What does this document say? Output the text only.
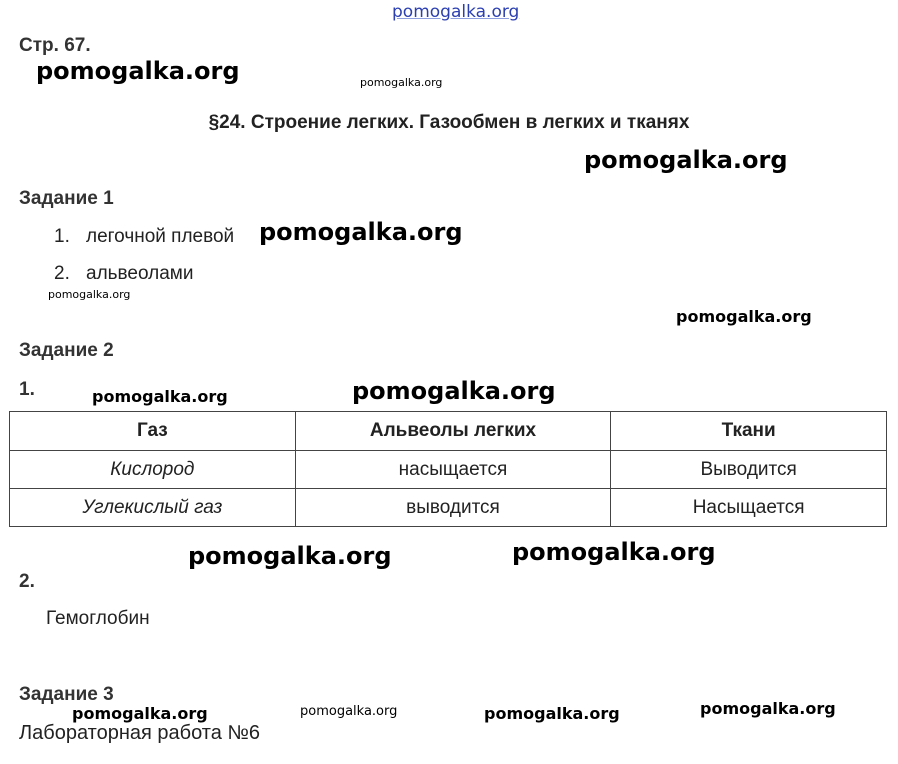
pomogalka.org
pomogalka.org	pomogalka.org
pomogalka.org
pomogalka.org
pomogalka.org
pomogalka.org
pomogalka.org	pomogalka.org
pomogalka.org	pomogalka.org
pomogalka.org	pomogalka.org	pomogalka.org	pomogalka.org
Стр. 67.
§24. Строение легких. Газообмен в легких и тканях
Задание 1
1. легочной плевой
2. альвеолами
Задание 2
1.
Газ	Альвеолы легких	Ткани
Кислород	насыщается	Выводится
Углекислый газ	выводится	Насыщается
2.
Гемоглобин
Задание 3
Лабораторная работа №6
